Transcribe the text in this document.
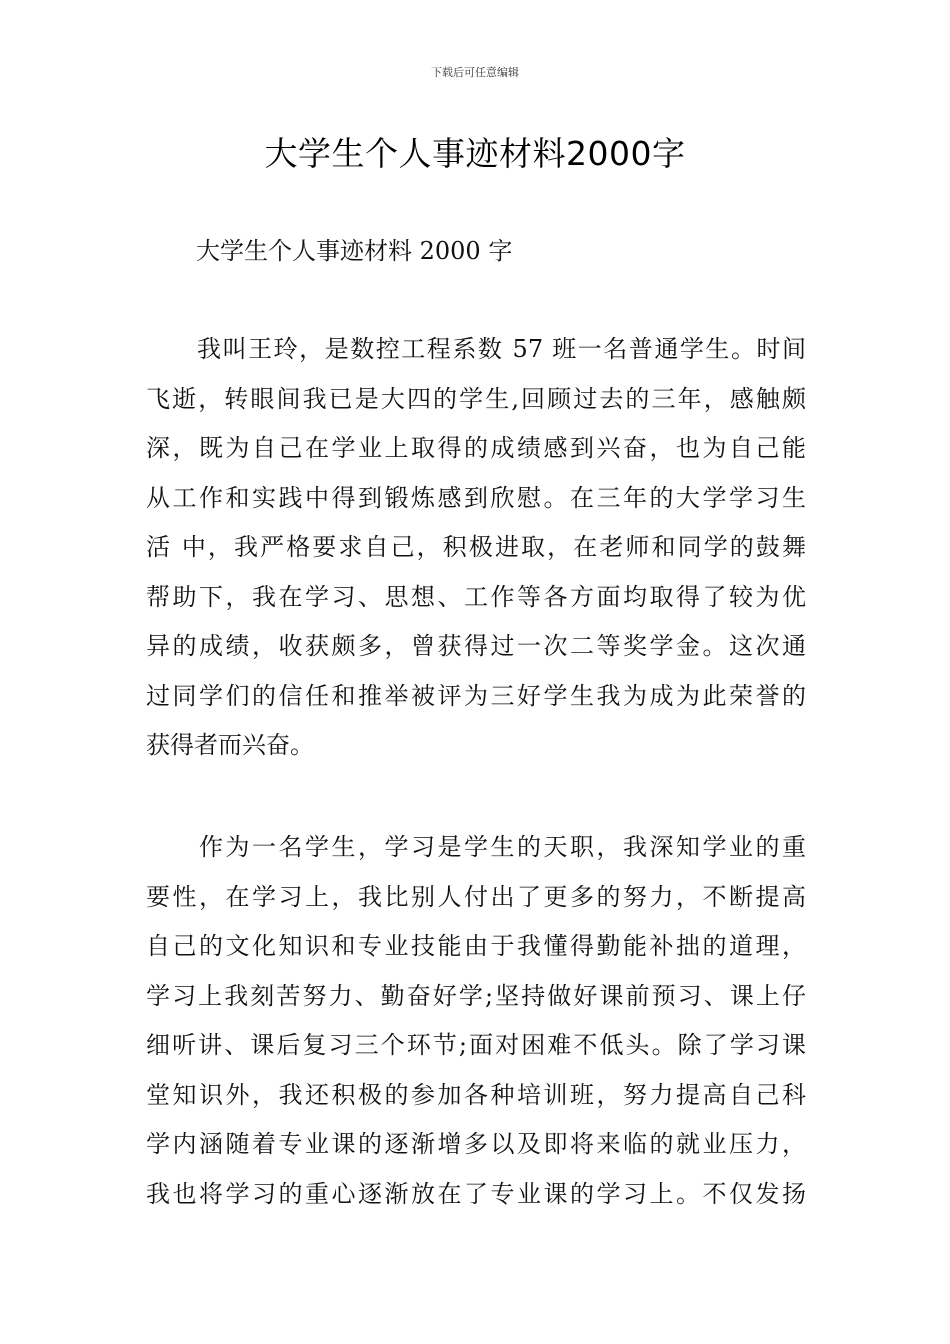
下载后可任意编辑
大学生个人事迹材料2000字
大学生个人事迹材料 2000 字
　　我叫王玲，是数控工程系数 57 班一名普通学生。时间
飞逝，转眼间我已是大四的学生,回顾过去的三年，感触颇
深，既为自己在学业上取得的成绩感到兴奋，也为自己能
从工作和实践中得到锻炼感到欣慰。在三年的大学学习生
活 中，我严格要求自己，积极进取，在老师和同学的鼓舞
帮助下，我在学习、思想、工作等各方面均取得了较为优
异的成绩，收获颇多，曾获得过一次二等奖学金。这次通
过同学们的信任和推举被评为三好学生我为成为此荣誉的
获得者而兴奋。
　　作为一名学生，学习是学生的天职，我深知学业的重
要性，在学习上，我比别人付出了更多的努力，不断提高
自己的文化知识和专业技能由于我懂得勤能补拙的道理，
学习上我刻苦努力、勤奋好学;坚持做好课前预习、课上仔
细听讲、课后复习三个环节;面对困难不低头。除了学习课
堂知识外，我还积极的参加各种培训班，努力提高自己科
学内涵随着专业课的逐渐增多以及即将来临的就业压力，
我也将学习的重心逐渐放在了专业课的学习上。不仅发扬
